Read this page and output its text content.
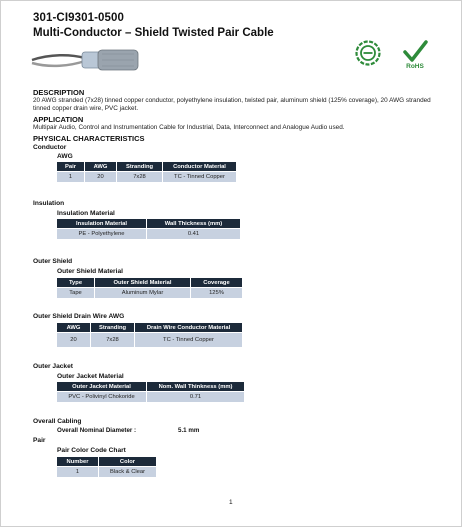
301-CI9301-0500
Multi-Conductor – Shield Twisted Pair Cable
RoHS
DESCRIPTION
20 AWG stranded (7x28) tinned copper conductor, polyethylene insulation, twisted pair, aluminum shield (125% coverage), 20 AWG stranded tinned copper drain wire, PVC jacket.
APPLICATION
Multipair Audio, Control and Instrumentation Cable for Industrial, Data, Interconnect and Analogue Audio used.
PHYSICAL CHARACTERISTICS
Conductor
AWG
Pair	AWG	Stranding	Conductor Material
1	20	7x28	TC - Tinned Copper
Insulation
Insulation Material
Insulation Material	Wall Thickness (mm)
PE - Polyethylene	0.41
Outer Shield
Outer Shield Material
Type	Outer Shield Material	Coverage
Tape	Aluminum Mylar	125%
Outer Shield Drain Wire AWG
AWG	Stranding	Drain Wire Conductor Material
20	7x28	TC - Tinned Copper
Outer Jacket
Outer Jacket Material
Outer Jacket Material	Nom. Wall Thinkness (mm)
PVC - Polivinyl Chokoride	0.71
Overall Cabling
Overall Nominal Diameter :	5.1 mm
Pair
Pair Color Code Chart
Number	Color
1	Black & Clear
1
